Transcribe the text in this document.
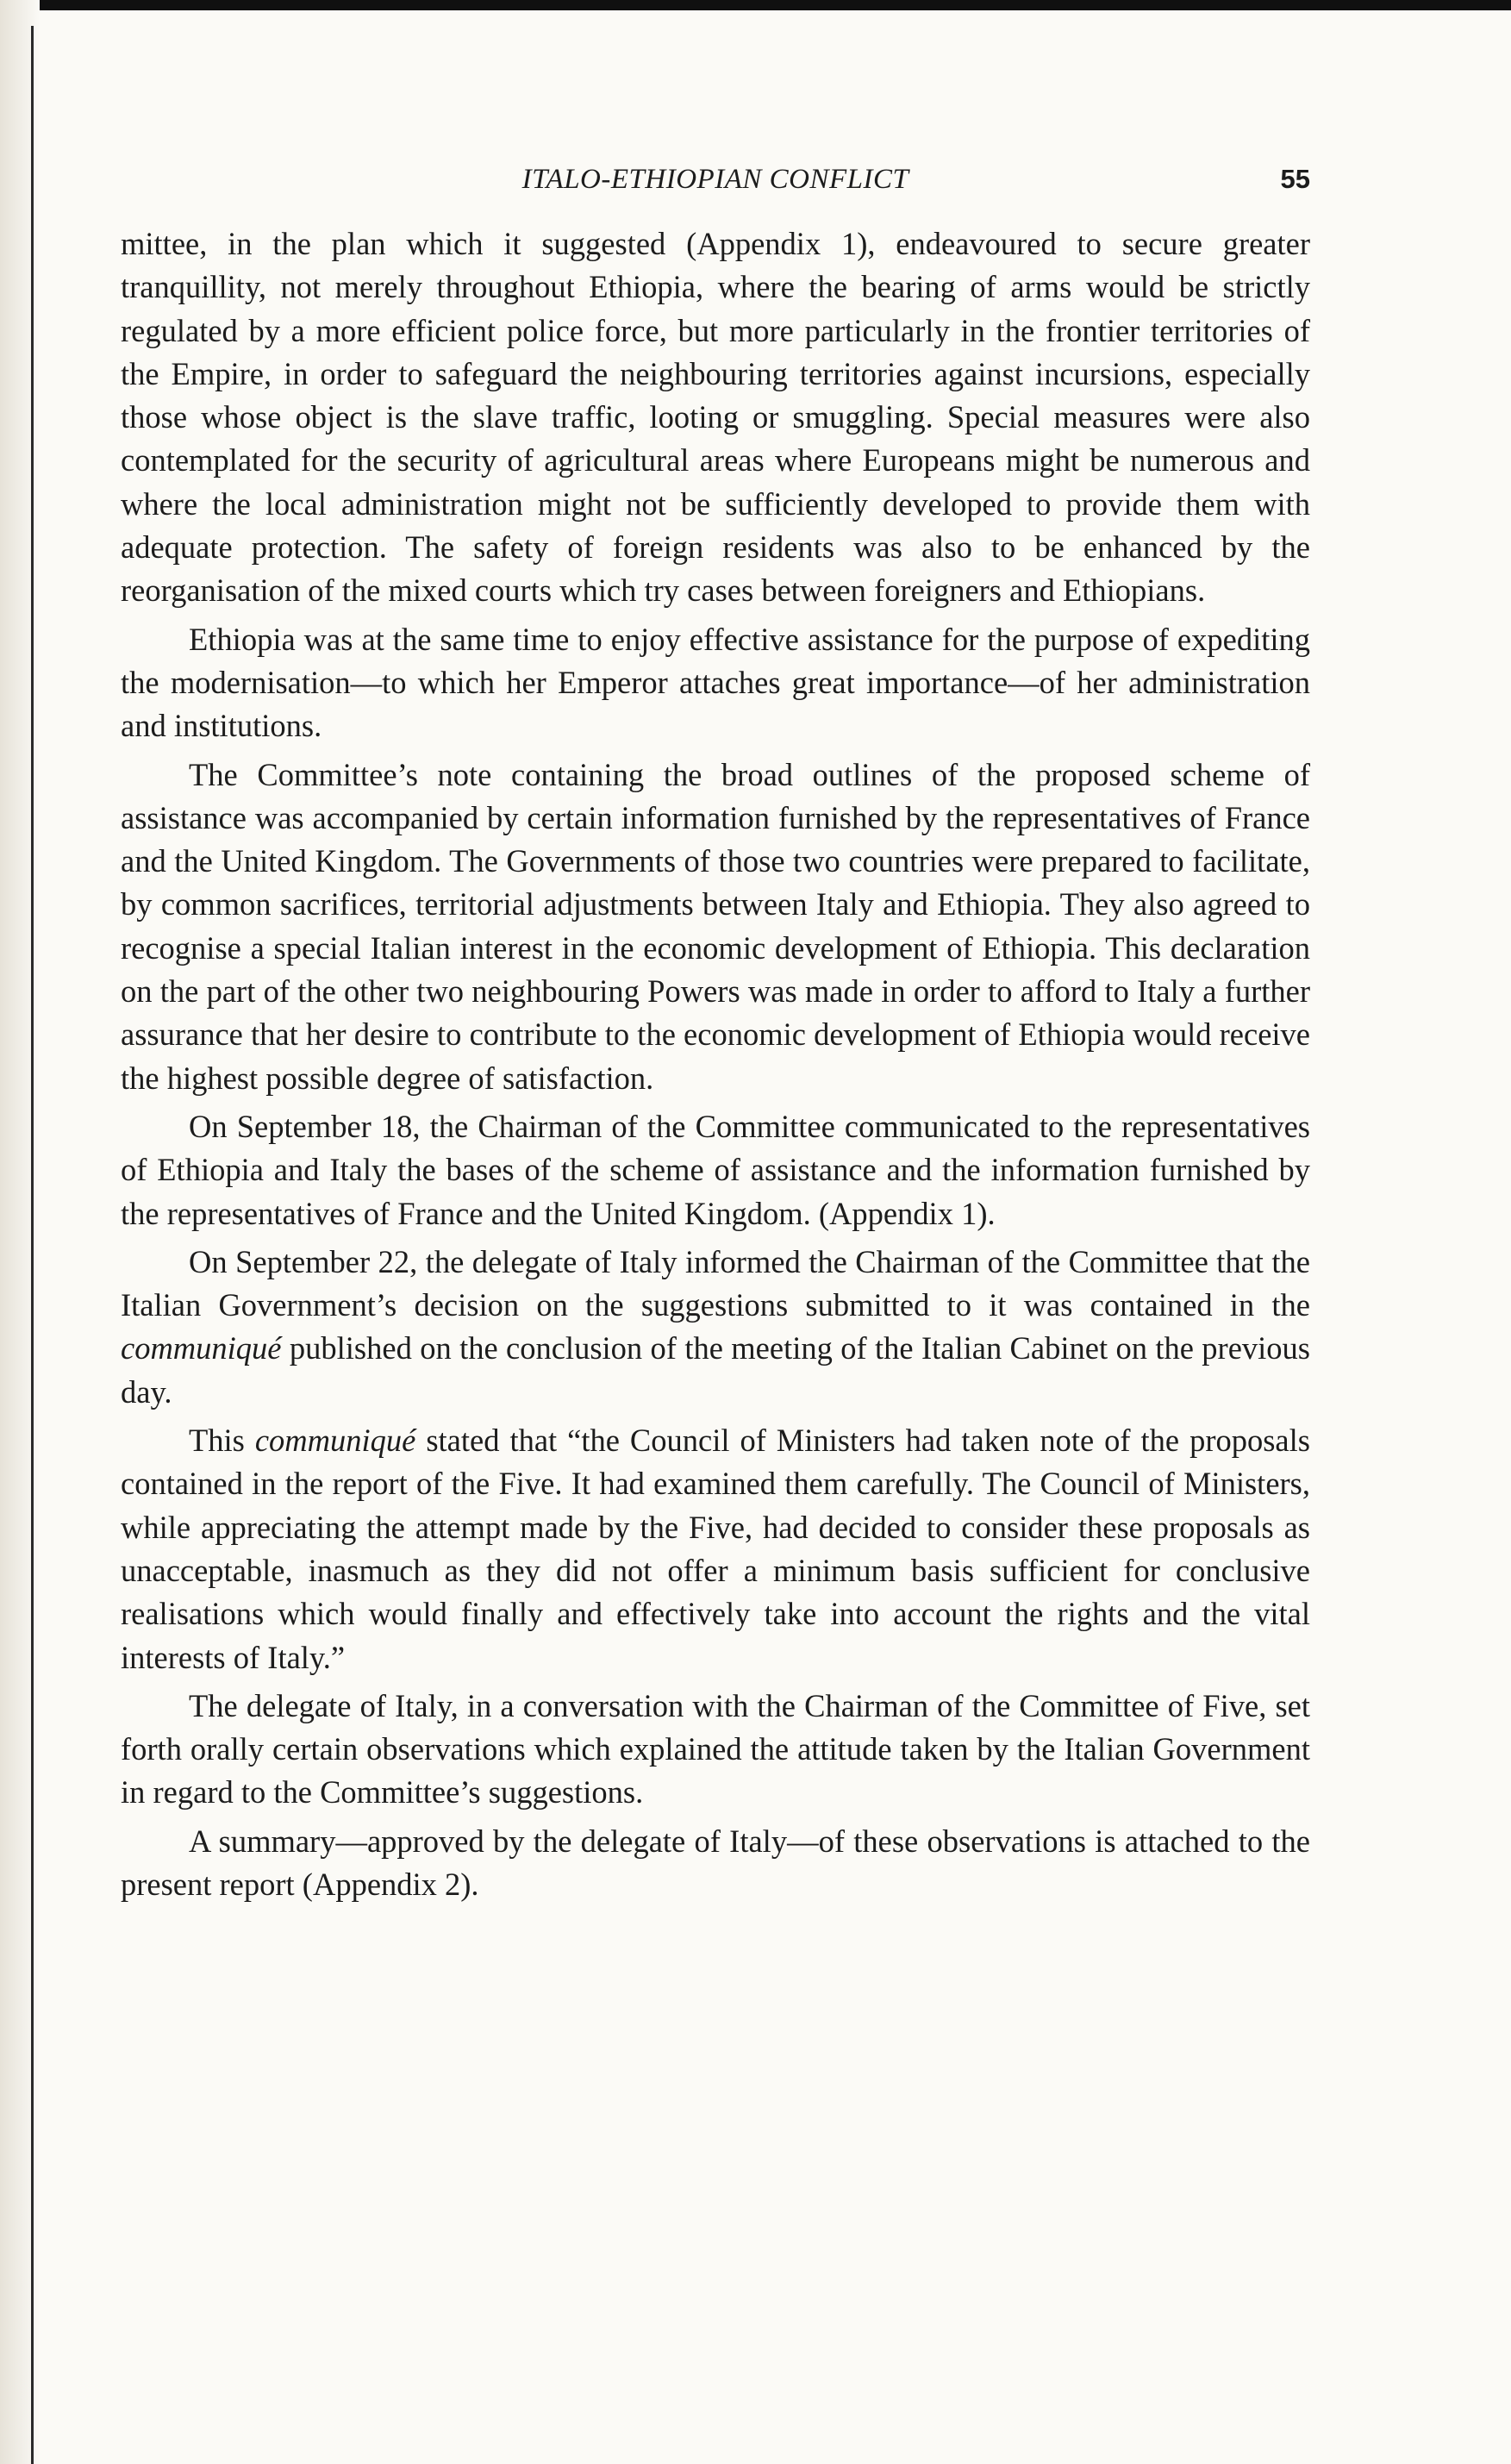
ITALO-ETHIOPIAN CONFLICT	55

mittee, in the plan which it suggested (Appendix 1), endeavoured to secure greater tranquillity, not merely throughout Ethiopia, where the bearing of arms would be strictly regulated by a more efficient police force, but more particularly in the frontier territories of the Empire, in order to safeguard the neighbouring territories against incursions, especially those whose object is the slave traffic, looting or smuggling. Special measures were also contemplated for the security of agricultural areas where Europeans might be numerous and where the local administration might not be sufficiently developed to provide them with adequate protection. The safety of foreign residents was also to be enhanced by the reorganisation of the mixed courts which try cases between foreigners and Ethiopians.

Ethiopia was at the same time to enjoy effective assistance for the purpose of expediting the modernisation—to which her Emperor attaches great importance—of her administration and institutions.

The Committee’s note containing the broad outlines of the proposed scheme of assistance was accompanied by certain information furnished by the representatives of France and the United Kingdom. The Governments of those two countries were prepared to facilitate, by common sacrifices, territorial adjustments between Italy and Ethiopia. They also agreed to recognise a special Italian interest in the economic development of Ethiopia. This declaration on the part of the other two neighbouring Powers was made in order to afford to Italy a further assurance that her desire to contribute to the economic development of Ethiopia would receive the highest possible degree of satisfaction.

On September 18, the Chairman of the Committee communicated to the representatives of Ethiopia and Italy the bases of the scheme of assistance and the information furnished by the representatives of France and the United Kingdom. (Appendix 1).

On September 22, the delegate of Italy informed the Chairman of the Committee that the Italian Government’s decision on the suggestions submitted to it was contained in the communiqué published on the conclusion of the meeting of the Italian Cabinet on the previous day.

This communiqué stated that “the Council of Ministers had taken note of the proposals contained in the report of the Five. It had examined them carefully. The Council of Ministers, while appreciating the attempt made by the Five, had decided to consider these proposals as unacceptable, inasmuch as they did not offer a minimum basis sufficient for conclusive realisations which would finally and effectively take into account the rights and the vital interests of Italy.”

The delegate of Italy, in a conversation with the Chairman of the Committee of Five, set forth orally certain observations which explained the attitude taken by the Italian Government in regard to the Committee’s suggestions.

A summary—approved by the delegate of Italy—of these observations is attached to the present report (Appendix 2).
